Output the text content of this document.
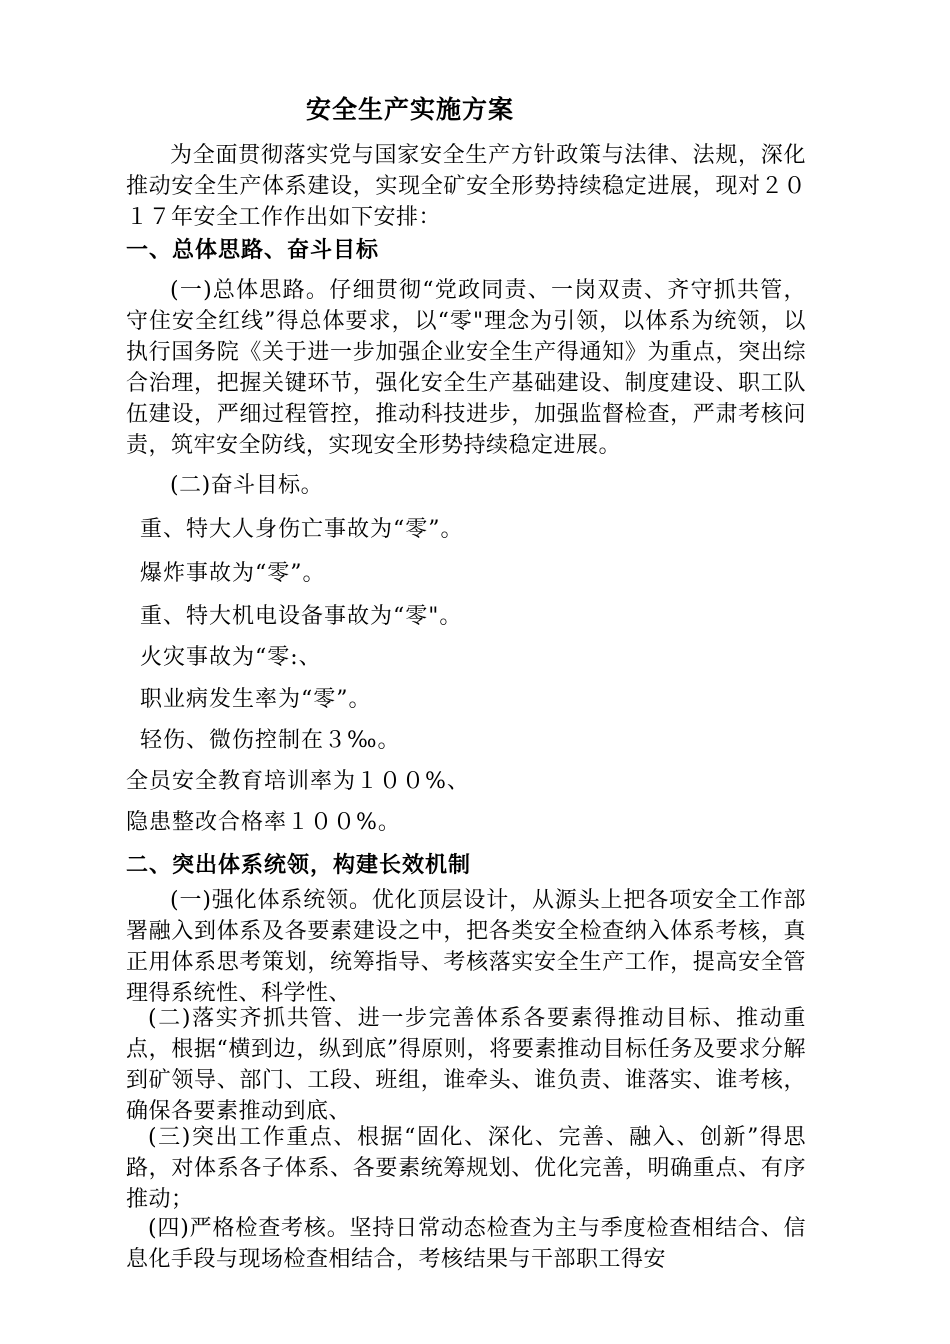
安全生产实施方案
为全面贯彻落实党与国家安全生产方针政策与法律、法规，深化推动安全生产体系建设，实现全矿安全形势持续稳定进展，现对２０１７年安全工作作出如下安排：
一、总体思路、奋斗目标
(一)总体思路。仔细贯彻“党政同责、一岗双责、齐守抓共管，守住安全红线”得总体要求，以“零"理念为引领，以体系为统领，以执行国务院《关于进一步加强企业安全生产得通知》为重点，突出综合治理，把握关键环节，强化安全生产基础建设、制度建设、职工队伍建设，严细过程管控，推动科技进步，加强监督检查，严肃考核问责，筑牢安全防线，实现安全形势持续稳定进展。
(二)奋斗目标。
重、特大人身伤亡事故为“零”。
爆炸事故为“零”。
重、特大机电设备事故为“零"。
火灾事故为“零:、
职业病发生率为“零”。
轻伤、微伤控制在３‰。
全员安全教育培训率为１００%、
隐患整改合格率１００%。
二、突出体系统领，构建长效机制
(一)强化体系统领。优化顶层设计，从源头上把各项安全工作部署融入到体系及各要素建设之中，把各类安全检查纳入体系考核，真正用体系思考策划，统筹指导、考核落实安全生产工作，提高安全管理得系统性、科学性、
(二)落实齐抓共管、进一步完善体系各要素得推动目标、推动重点，根据“横到边，纵到底”得原则，将要素推动目标任务及要求分解到矿领导、部门、工段、班组，谁牵头、谁负责、谁落实、谁考核，确保各要素推动到底、
(三)突出工作重点、根据“固化、深化、完善、融入、创新”得思路，对体系各子体系、各要素统筹规划、优化完善，明确重点、有序推动；
(四)严格检查考核。坚持日常动态检查为主与季度检查相结合、信息化手段与现场检查相结合，考核结果与干部职工得安
